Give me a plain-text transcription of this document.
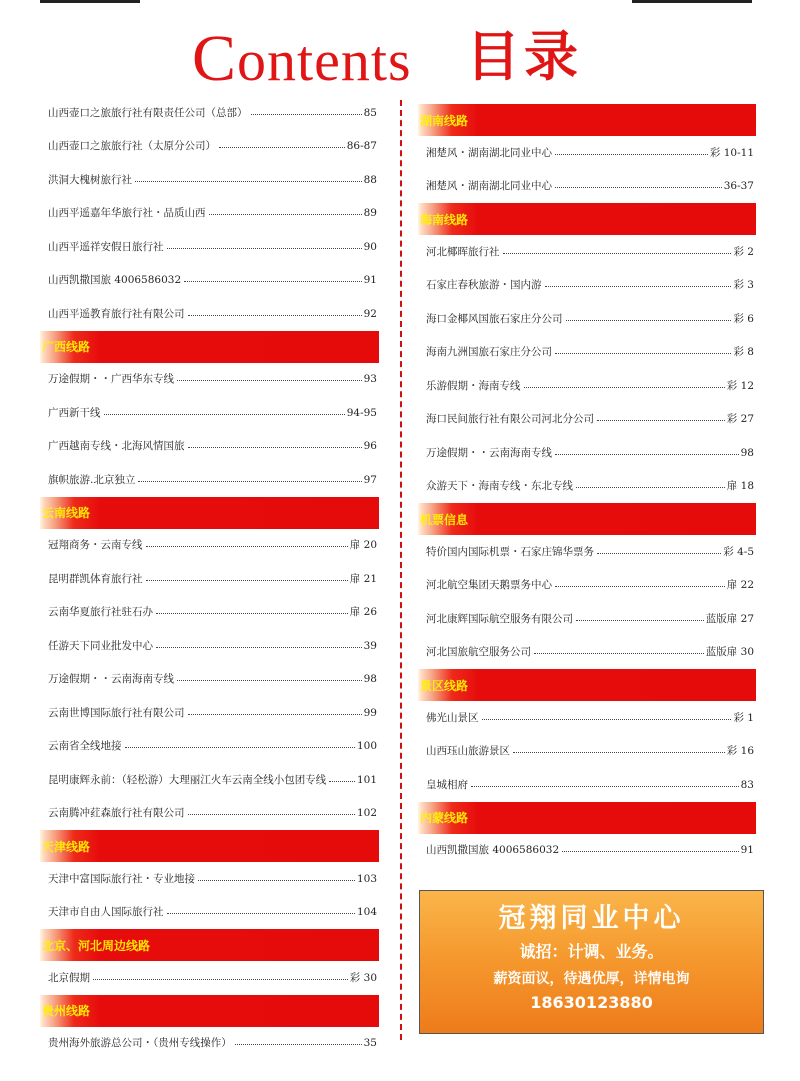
Contents 目录
山西壶口之旅旅行社有限责任公司（总部）	85
山西壶口之旅旅行社（太原分公司）	86-87
洪洞大槐树旅行社	88
山西平遥嘉年华旅行社・品质山西	89
山西平遥祥安假日旅行社	90
山西凯撒国旅 4006586032	91
山西平遥教育旅行社有限公司	92
广西线路
万途假期・・广西华东专线	93
广西新干线	94-95
广西越南专线・北海风情国旅	96
旗帜旅游.北京独立	97
云南线路
冠翔商务・云南专线	扉 20
昆明群凯体育旅行社	扉 21
云南华夏旅行社驻石办	扉 26
任游天下同业批发中心	39
万途假期・・云南海南专线	98
云南世博国际旅行社有限公司	99
云南省全线地接	100
昆明康辉永前：（轻松游）大理丽江火车云南全线小包团专线	101
云南腾冲荭森旅行社有限公司	102
天津线路
天津中富国际旅行社・专业地接	103
天津市自由人国际旅行社	104
北京、河北周边线路
北京假期	彩 30
贵州线路
贵州海外旅游总公司・（贵州专线操作）	35
湖南线路
湘楚风・湖南湖北同业中心	彩 10-11
湘楚风・湖南湖北同业中心	36-37
海南线路
河北椰晖旅行社	彩 2
石家庄春秋旅游・国内游	彩 3
海口金椰风国旅石家庄分公司	彩 6
海南九洲国旅石家庄分公司	彩 8
乐游假期・海南专线	彩 12
海口民间旅行社有限公司河北分公司	彩 27
万途假期・・云南海南专线	98
众游天下・海南专线・东北专线	扉 18
机票信息
特价国内国际机票・石家庄锦华票务	彩 4-5
河北航空集团天鹅票务中心	扉 22
河北康辉国际航空服务有限公司	蓝版扉 27
河北国旅航空服务公司	蓝版扉 30
景区线路
佛光山景区	彩 1
山西珏山旅游景区	彩 16
皇城相府	83
内蒙线路
山西凯撒国旅 4006586032	91
冠翔同业中心
诚招：计调、业务。
薪资面议，待遇优厚，详情电询
18630123880
